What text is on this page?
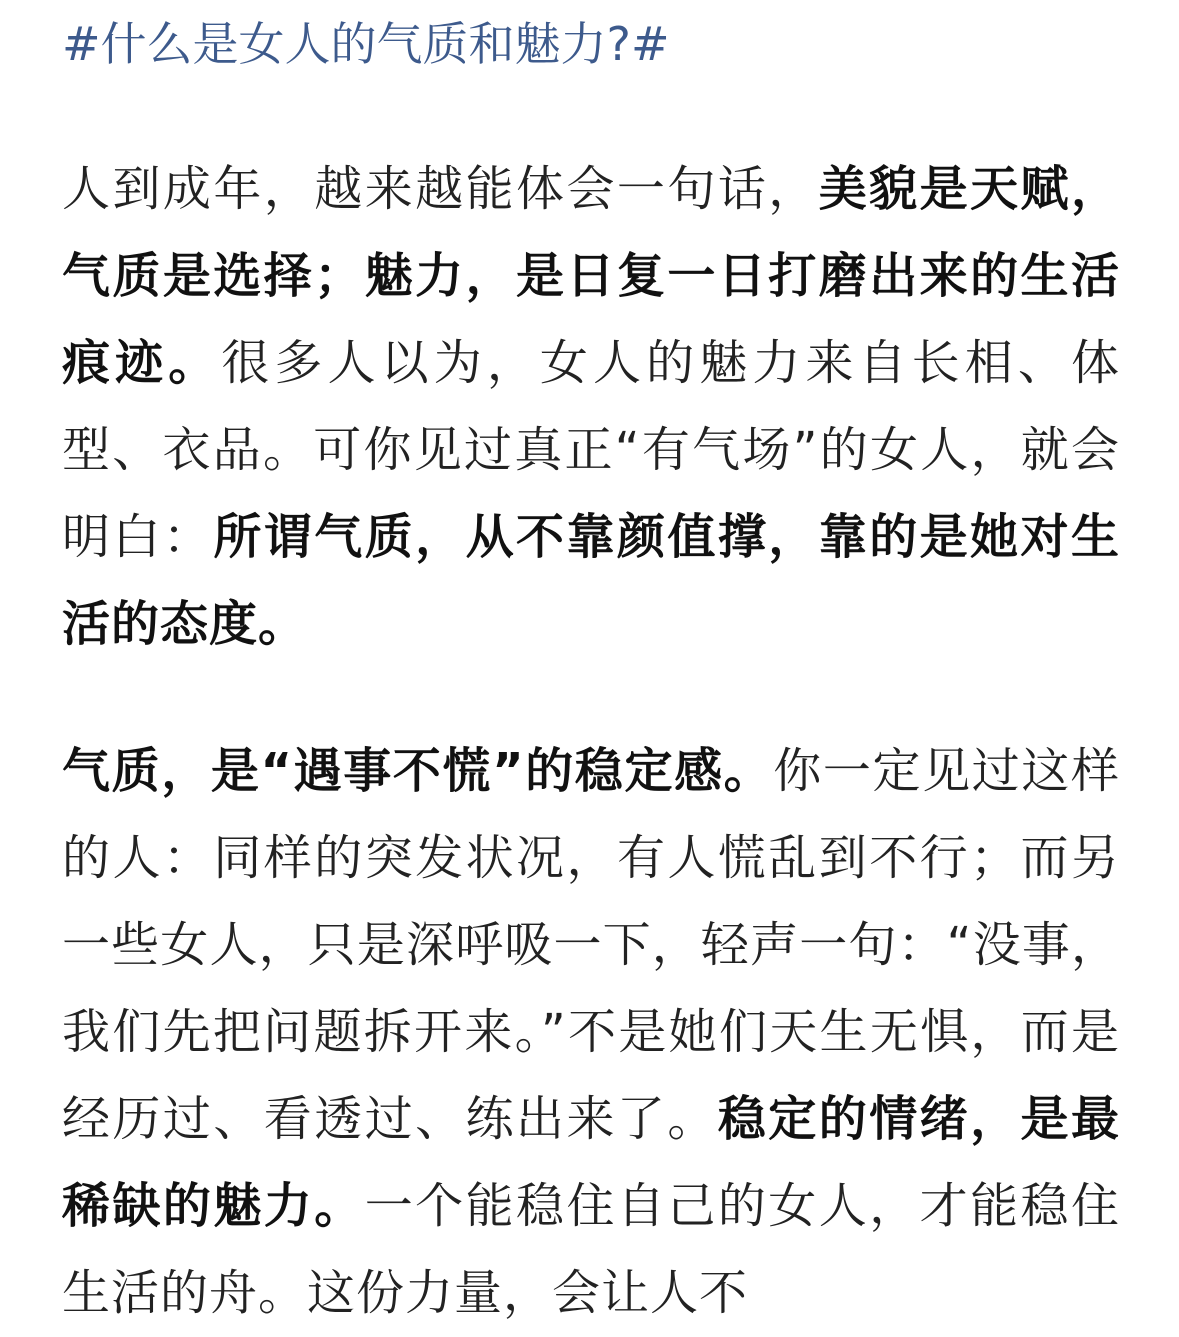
#什么是女人的气质和魅力?#

人到成年，越来越能体会一句话，美貌是天赋，气质是选择；魅力，是日复一日打磨出来的生活痕迹。很多人以为，女人的魅力来自长相、体型、衣品。可你见过真正“有气场”的女人，就会明白：所谓气质，从不靠颜值撑，靠的是她对生活的态度。

气质，是“遇事不慌”的稳定感。你一定见过这样的人：同样的突发状况，有人慌乱到不行；而另一些女人，只是深呼吸一下，轻声一句：“没事，我们先把问题拆开来。”不是她们天生无惧，而是经历过、看透过、练出来了。稳定的情绪，是最稀缺的魅力。一个能稳住自己的女人，才能稳住生活的舟。这份力量，会让人不
